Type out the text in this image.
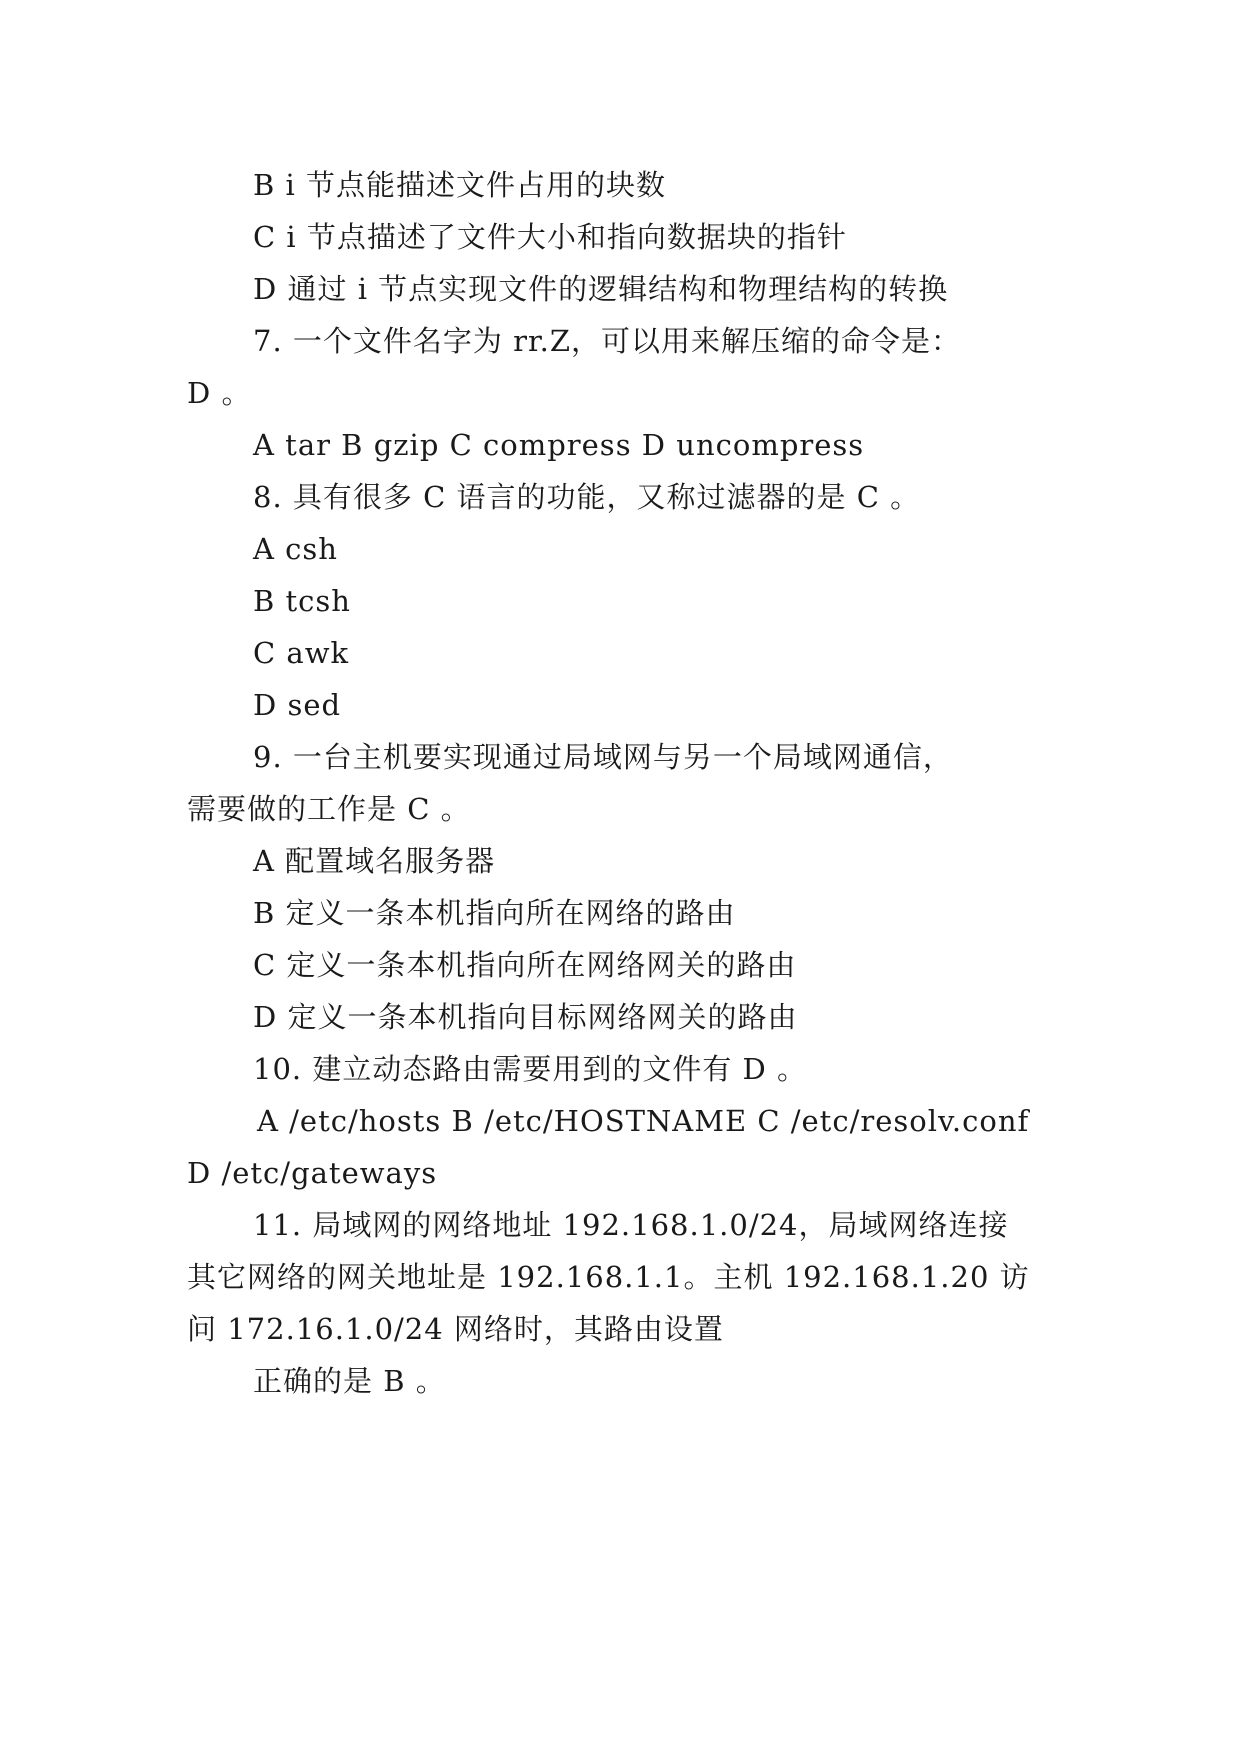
B i 节点能描述文件占用的块数
C i 节点描述了文件大小和指向数据块的指针
D 通过 i 节点实现文件的逻辑结构和物理结构的转换
7. 一个文件名字为 rr.Z，可以用来解压缩的命令是：
D 。
A tar B gzip C compress D uncompress
8. 具有很多 C 语言的功能，又称过滤器的是 C 。
A csh
B tcsh
C awk
D sed
9. 一台主机要实现通过局域网与另一个局域网通信，
需要做的工作是 C 。
A 配置域名服务器
B 定义一条本机指向所在网络的路由
C 定义一条本机指向所在网络网关的路由
D 定义一条本机指向目标网络网关的路由
10. 建立动态路由需要用到的文件有 D 。
A /etc/hosts B /etc/HOSTNAME C /etc/resolv.conf
D /etc/gateways
11. 局域网的网络地址 192.168.1.0/24，局域网络连接
其它网络的网关地址是 192.168.1.1。主机 192.168.1.20 访
问 172.16.1.0/24 网络时，其路由设置
正确的是 B 。
